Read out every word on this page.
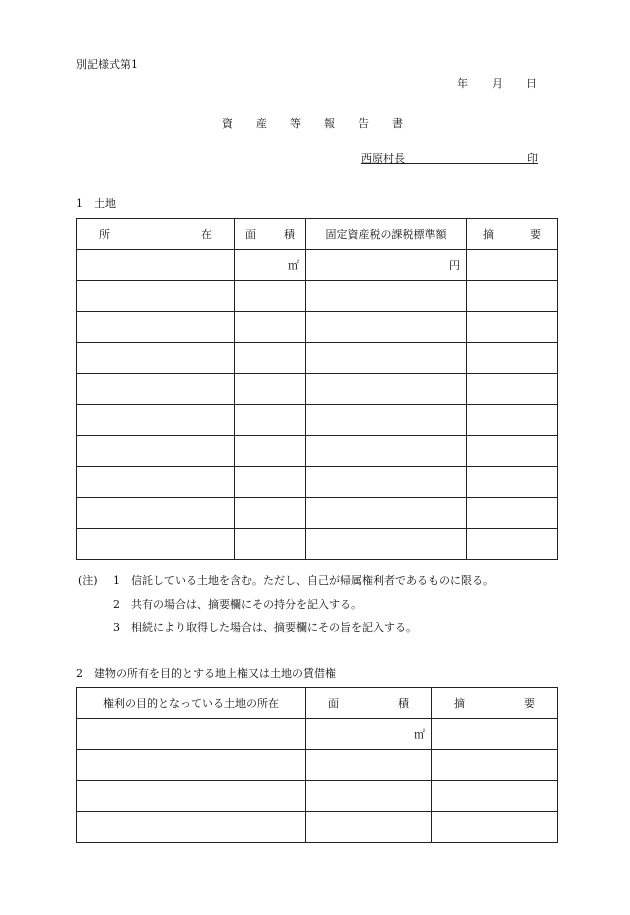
別記様式第1
年 月 日
資 産 等 報 告 書
西原村長	印
1　土地
所 在	面 積	固定資産税の課税標準額	摘 要

	㎡	円	

(注) 1　信託している土地を含む。ただし、自己が帰属権利者であるものに限る。
2　共有の場合は、摘要欄にその持分を記入する。
3　相続により取得した場合は、摘要欄にその旨を記入する。
2　建物の所有を目的とする地上権又は土地の賃借権
権利の目的となっている土地の所在	面 積	摘 要

	㎡	
